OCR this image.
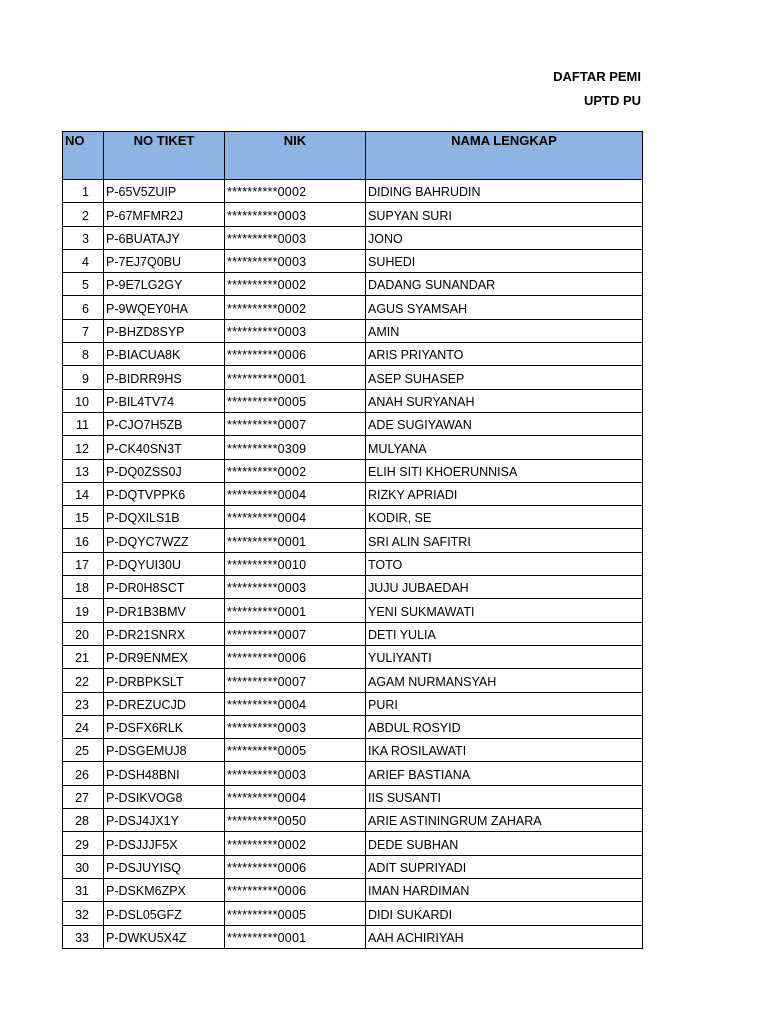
DAFTAR PEMI
UPTD PU
NO	NO TIKET	NIK	NAMA LENGKAP
1	P-65V5ZUIP	**********0002	DIDING BAHRUDIN
2	P-67MFMR2J	**********0003	SUPYAN SURI
3	P-6BUATAJY	**********0003	JONO
4	P-7EJ7Q0BU	**********0003	SUHEDI
5	P-9E7LG2GY	**********0002	DADANG SUNANDAR
6	P-9WQEY0HA	**********0002	AGUS SYAMSAH
7	P-BHZD8SYP	**********0003	AMIN
8	P-BIACUA8K	**********0006	ARIS PRIYANTO
9	P-BIDRR9HS	**********0001	ASEP SUHASEP
10	P-BIL4TV74	**********0005	ANAH SURYANAH
11	P-CJO7H5ZB	**********0007	ADE SUGIYAWAN
12	P-CK40SN3T	**********0309	MULYANA
13	P-DQ0ZSS0J	**********0002	ELIH SITI KHOERUNNISA
14	P-DQTVPPK6	**********0004	RIZKY APRIADI
15	P-DQXILS1B	**********0004	KODIR, SE
16	P-DQYC7WZZ	**********0001	SRI ALIN SAFITRI
17	P-DQYUI30U	**********0010	TOTO
18	P-DR0H8SCT	**********0003	JUJU JUBAEDAH
19	P-DR1B3BMV	**********0001	YENI SUKMAWATI
20	P-DR21SNRX	**********0007	DETI YULIA
21	P-DR9ENMEX	**********0006	YULIYANTI
22	P-DRBPKSLT	**********0007	AGAM NURMANSYAH
23	P-DREZUCJD	**********0004	PURI
24	P-DSFX6RLK	**********0003	ABDUL ROSYID
25	P-DSGEMUJ8	**********0005	IKA ROSILAWATI
26	P-DSH48BNI	**********0003	ARIEF BASTIANA
27	P-DSIKVOG8	**********0004	IIS SUSANTI
28	P-DSJ4JX1Y	**********0050	ARIE ASTININGRUM ZAHARA
29	P-DSJJJF5X	**********0002	DEDE SUBHAN
30	P-DSJUYISQ	**********0006	ADIT SUPRIYADI
31	P-DSKM6ZPX	**********0006	IMAN HARDIMAN
32	P-DSL05GFZ	**********0005	DIDI SUKARDI
33	P-DWKU5X4Z	**********0001	AAH ACHIRIYAH
